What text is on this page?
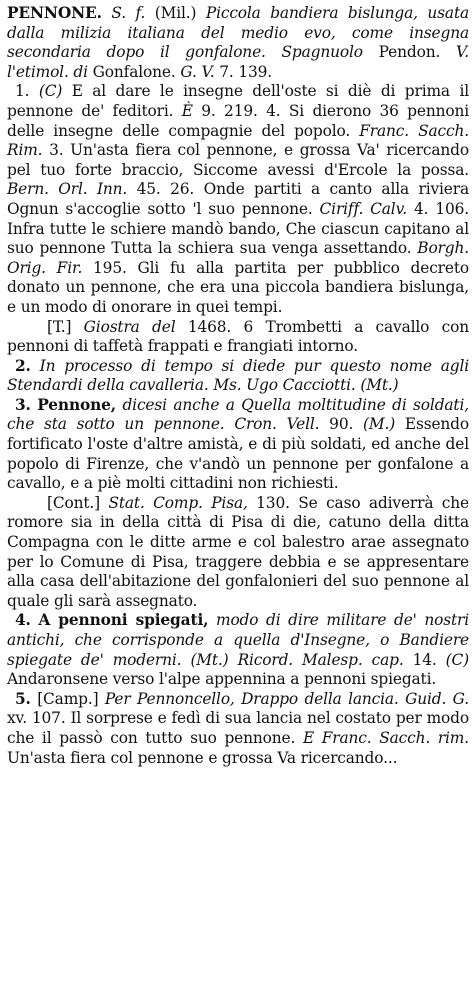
PENNONE. S. f. (Mil.) Piccola bandiera bislunga, usata dalla milizia italiana del medio evo, come insegna secondaria dopo il gonfalone. Spagnuolo Pendon. V. l'etimol. di Gonfalone. G. V. 7. 139.

1. (C) E al dare le insegne dell'oste si diè di prima il pennone de' feditori. È 9. 219. 4. Si dierono 36 pennoni delle insegne delle compagnie del popolo. Franc. Sacch. Rim. 3. Un'asta fiera col pennone, e grossa Va' ricercando pel tuo forte braccio, Siccome avessi d'Ercole la possa. Bern. Orl. Inn. 45. 26. Onde partiti a canto alla riviera Ognun s'accoglie sotto 'l suo pennone. Ciriff. Calv. 4. 106. Infra tutte le schiere mandò bando, Che ciascun capitano al suo pennone Tutta la schiera sua venga assettando. Borgh. Orig. Fir. 195. Gli fu alla partita per pubblico decreto donato un pennone, che era una piccola bandiera bislunga, e un modo di onorare in quei tempi.

[T.] Giostra del 1468. 6 Trombetti a cavallo con pennoni di taffetà frappati e frangiati intorno.

2. In processo di tempo si diede pur questo nome agli Stendardi della cavalleria. Ms. Ugo Cacciotti. (Mt.)

3. Pennone, dicesi anche a Quella moltitudine di soldati, che sta sotto un pennone. Cron. Vell. 90. (M.) Essendo fortificato l'oste d'altre amistà, e di più soldati, ed anche del popolo di Firenze, che v'andò un pennone per gonfalone a cavallo, e a piè molti cittadini non richiesti.

[Cont.] Stat. Comp. Pisa, 130. Se caso adiverrà che romore sia in della città di Pisa di die, catuno della ditta Compagna con le ditte arme e col balestro arae assegnato per lo Comune di Pisa, traggere debbia e se appresentare alla casa dell'abitazione del gonfalonieri del suo pennone al quale gli sarà assegnato.

4. A pennoni spiegati, modo di dire militare de' nostri antichi, che corrisponde a quella d'Insegne, o Bandiere spiegate de' moderni. (Mt.) Ricord. Malesp. cap. 14. (C) Andaronsene verso l'alpe appennina a pennoni spiegati.

5. [Camp.] Per Pennoncello, Drappo della lancia. Guid. G. xv. 107. Il sorprese e fedì di sua lancia nel costato per modo che il passò con tutto suo pennone. E Franc. Sacch. rim. Un'asta fiera col pennone e grossa Va ricercando...
